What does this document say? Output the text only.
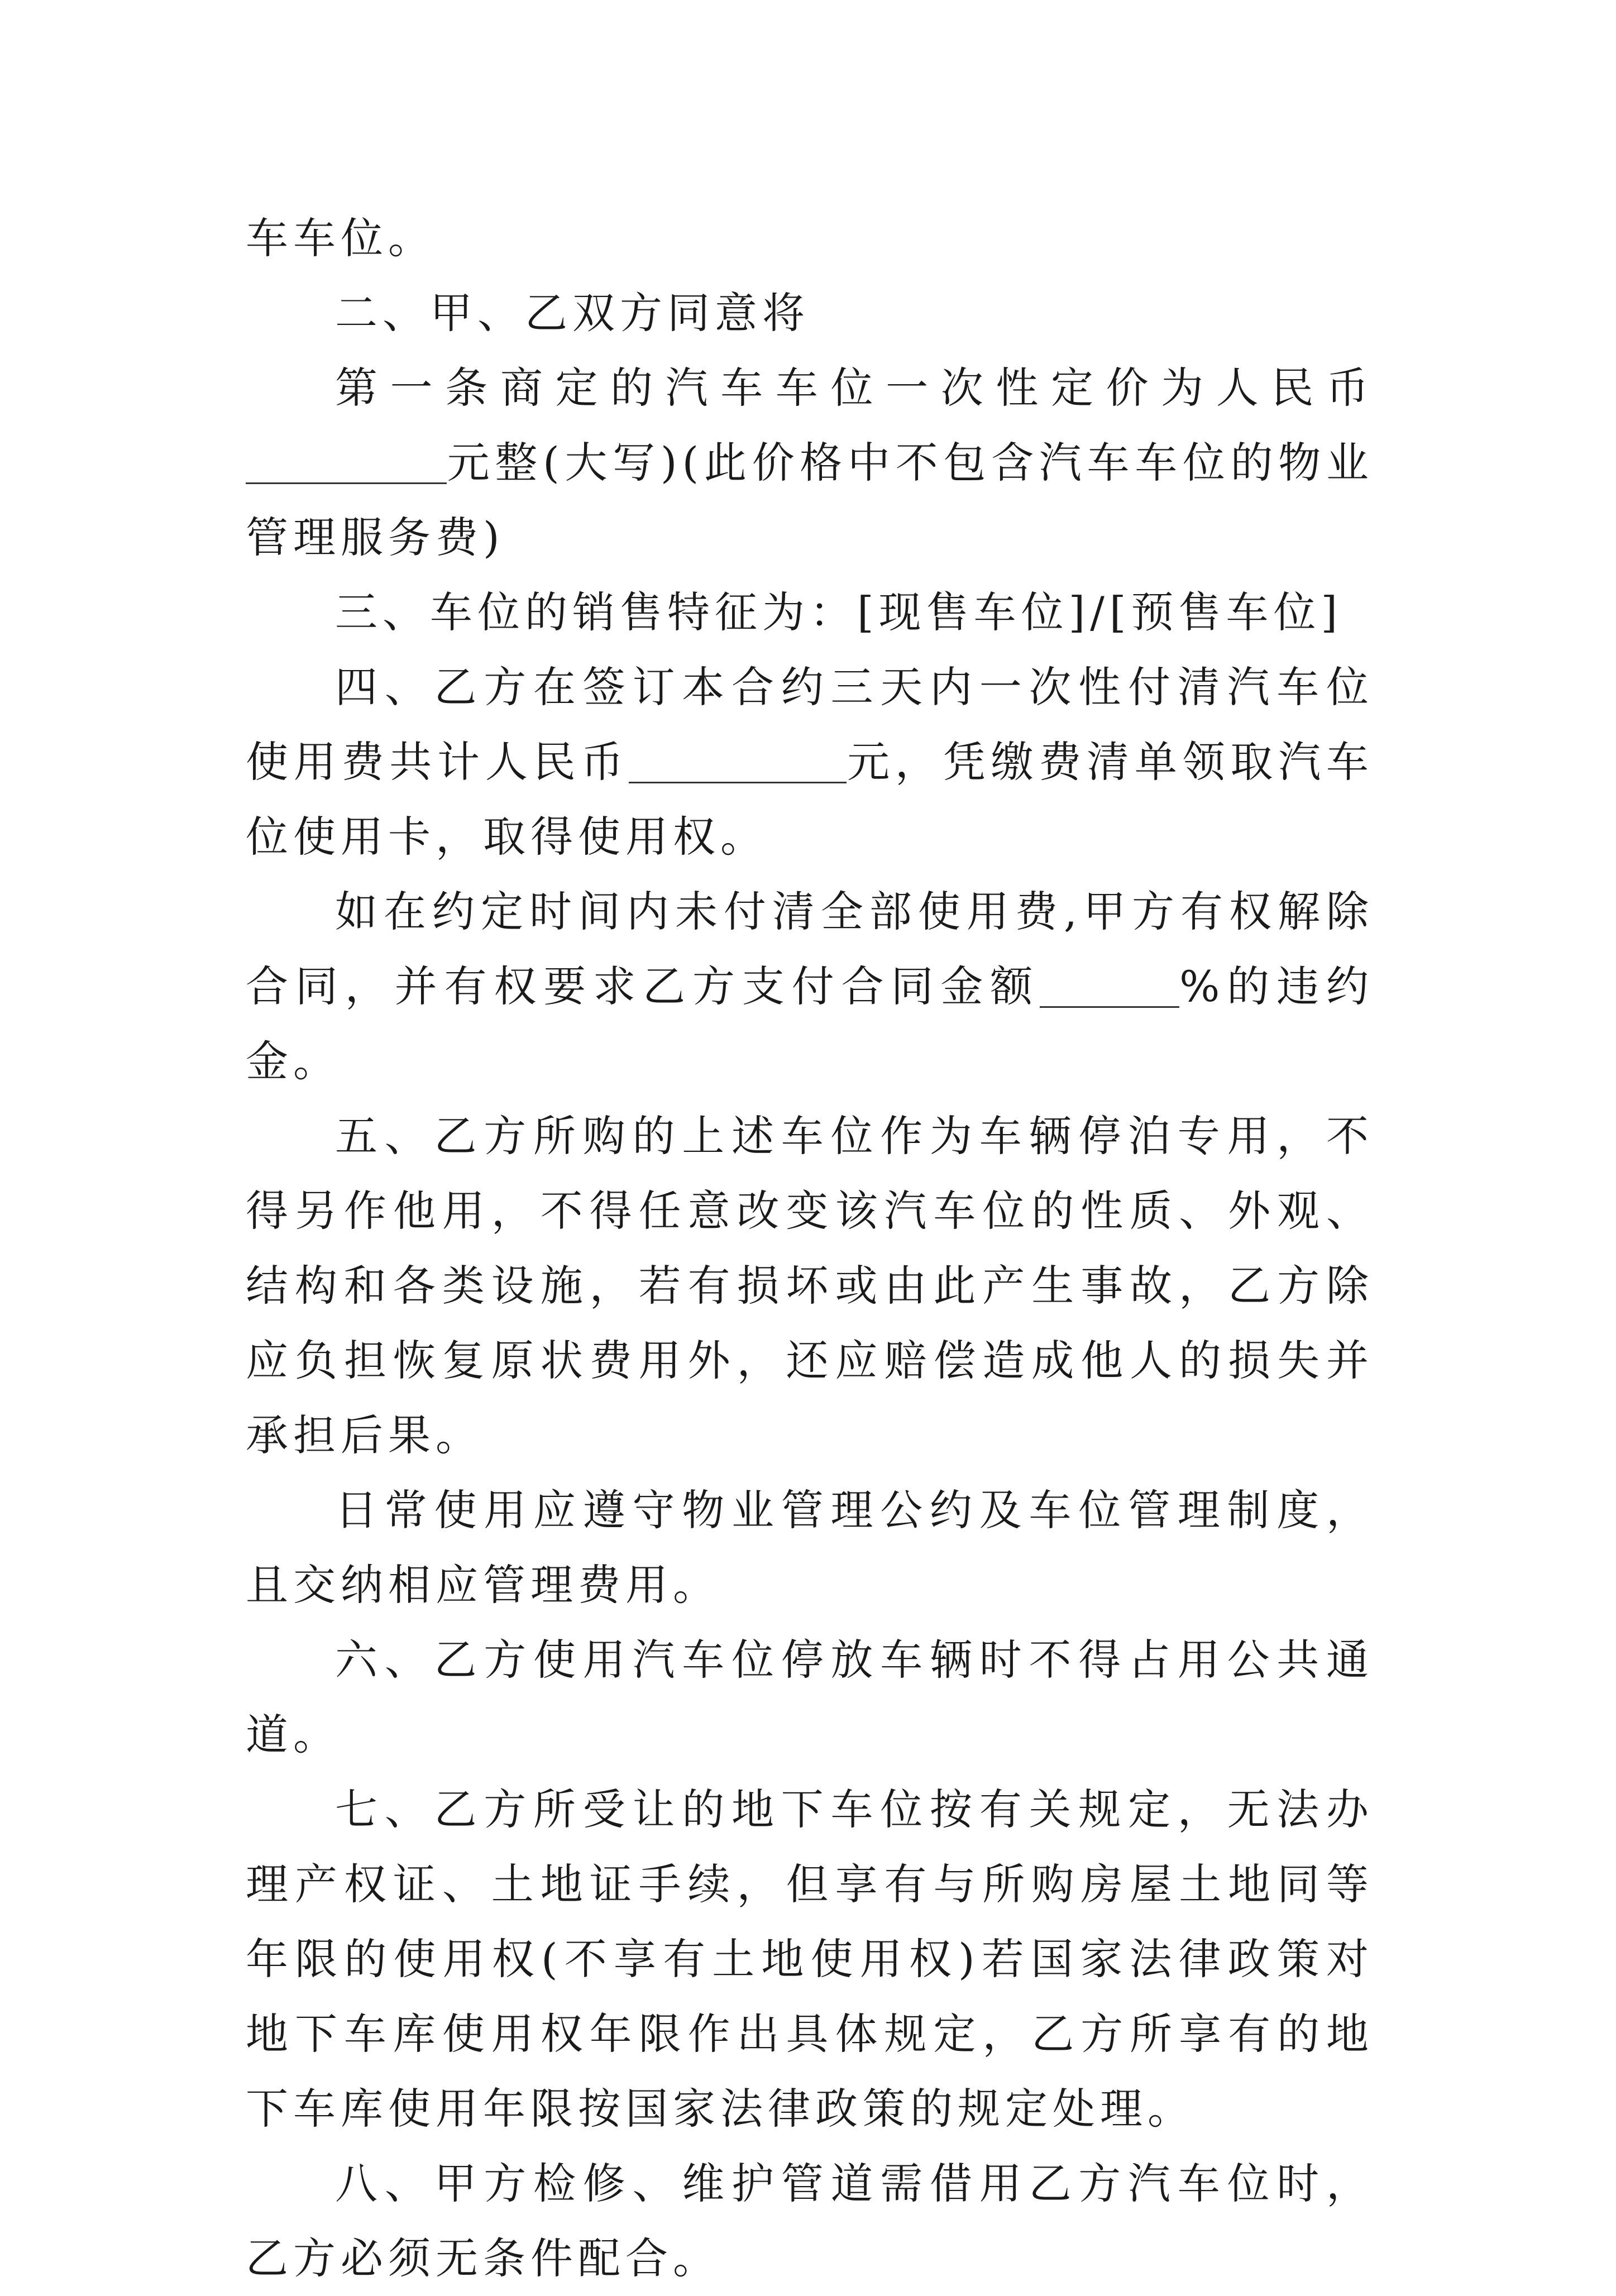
车车位。

二、甲、乙双方同意将

第一条商定的汽车车位一次性定价为人民币元整(大写)(此价格中不包含汽车车位的物业管理服务费)

三、车位的销售特征为：[现售车位]/[预售车位]

四、乙方在签订本合约三天内一次性付清汽车位使用费共计人民币	元，凭缴费清单领取汽车位使用卡，取得使用权。

如在约定时间内未付清全部使用费,甲方有权解除合同，并有权要求乙方支付合同金额	%的违约金。

五、乙方所购的上述车位作为车辆停泊专用，不得另作他用，不得任意改变该汽车位的性质、外观、结构和各类设施，若有损坏或由此产生事故，乙方除应负担恢复原状费用外，还应赔偿造成他人的损失并承担后果。

日常使用应遵守物业管理公约及车位管理制度，且交纳相应管理费用。

六、乙方使用汽车位停放车辆时不得占用公共通道。

七、乙方所受让的地下车位按有关规定，无法办理产权证、土地证手续，但享有与所购房屋土地同等年限的使用权(不享有土地使用权)若国家法律政策对地下车库使用权年限作出具体规定，乙方所享有的地下车库使用年限按国家法律政策的规定处理。

八、甲方检修、维护管道需借用乙方汽车位时，乙方必须无条件配合。
